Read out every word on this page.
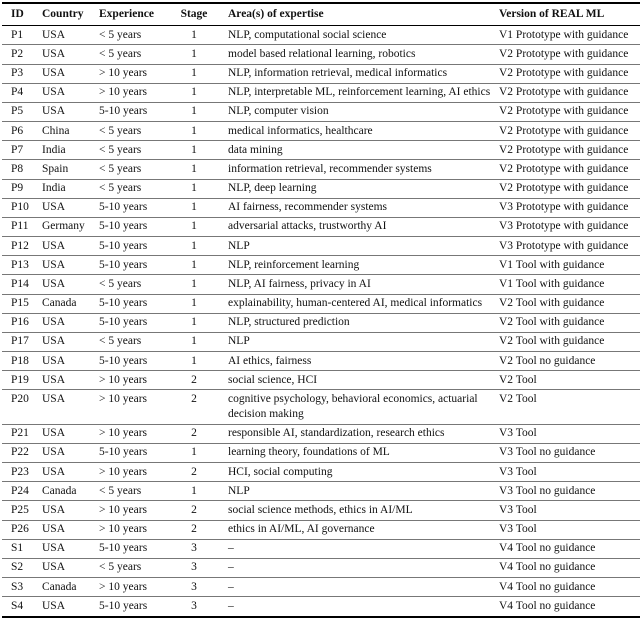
ID	Country	Experience	Stage	Area(s) of expertise	Version of REAL ML
P1	USA	< 5 years	1	NLP, computational social science	V1 Prototype with guidance
P2	USA	< 5 years	1	model based relational learning, robotics	V2 Prototype with guidance
P3	USA	> 10 years	1	NLP, information retrieval, medical informatics	V2 Prototype with guidance
P4	USA	> 10 years	1	NLP, interpretable ML, reinforcement learning, AI ethics	V2 Prototype with guidance
P5	USA	5-10 years	1	NLP, computer vision	V2 Prototype with guidance
P6	China	< 5 years	1	medical informatics, healthcare	V2 Prototype with guidance
P7	India	< 5 years	1	data mining	V2 Prototype with guidance
P8	Spain	< 5 years	1	information retrieval, recommender systems	V2 Prototype with guidance
P9	India	< 5 years	1	NLP, deep learning	V2 Prototype with guidance
P10	USA	5-10 years	1	AI fairness, recommender systems	V3 Prototype with guidance
P11	Germany	5-10 years	1	adversarial attacks, trustworthy AI	V3 Prototype with guidance
P12	USA	5-10 years	1	NLP	V3 Prototype with guidance
P13	USA	5-10 years	1	NLP, reinforcement learning	V1 Tool with guidance
P14	USA	< 5 years	1	NLP, AI fairness, privacy in AI	V1 Tool with guidance
P15	Canada	5-10 years	1	explainability, human-centered AI, medical informatics	V2 Tool with guidance
P16	USA	5-10 years	1	NLP, structured prediction	V2 Tool with guidance
P17	USA	< 5 years	1	NLP	V2 Tool with guidance
P18	USA	5-10 years	1	AI ethics, fairness	V2 Tool no guidance
P19	USA	> 10 years	2	social science, HCI	V2 Tool
P20	USA	> 10 years	2	cognitive psychology, behavioral economics, actuarial decision making	V2 Tool
P21	USA	> 10 years	2	responsible AI, standardization, research ethics	V3 Tool
P22	USA	5-10 years	1	learning theory, foundations of ML	V3 Tool no guidance
P23	USA	> 10 years	2	HCI, social computing	V3 Tool
P24	Canada	< 5 years	1	NLP	V3 Tool no guidance
P25	USA	> 10 years	2	social science methods, ethics in AI/ML	V3 Tool
P26	USA	> 10 years	2	ethics in AI/ML, AI governance	V3 Tool
S1	USA	5-10 years	3	–	V4 Tool no guidance
S2	USA	< 5 years	3	–	V4 Tool no guidance
S3	Canada	> 10 years	3	–	V4 Tool no guidance
S4	USA	5-10 years	3	–	V4 Tool no guidance
